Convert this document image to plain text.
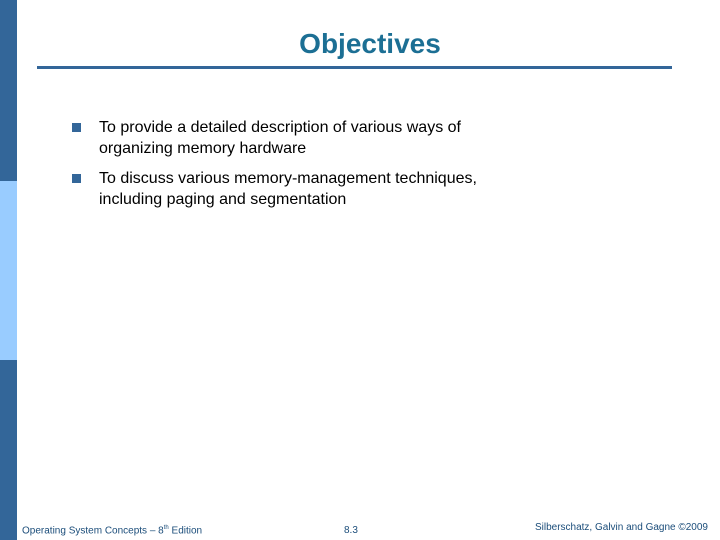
Objectives
To provide a detailed description of various ways of
organizing memory hardware
To discuss various memory-management techniques,
including paging and segmentation
Operating System Concepts – 8th Edition	8.3	Silberschatz, Galvin and Gagne ©2009
